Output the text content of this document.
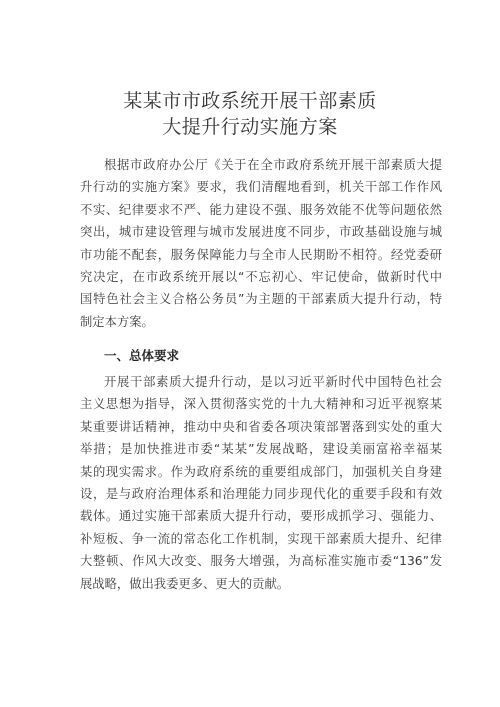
某某市市政系统开展干部素质
大提升行动实施方案
根据市政府办公厅《关于在全市政府系统开展干部素质大提
升行动的实施方案》要求，我们清醒地看到，机关干部工作作风
不实、纪律要求不严、能力建设不强、服务效能不优等问题依然
突出，城市建设管理与城市发展进度不同步，市政基础设施与城
市功能不配套，服务保障能力与全市人民期盼不相符。经党委研
究决定，在市政系统开展以“不忘初心、牢记使命，做新时代中
国特色社会主义合格公务员”为主题的干部素质大提升行动，特
制定本方案。
一、总体要求
开展干部素质大提升行动，是以习近平新时代中国特色社会
主义思想为指导，深入贯彻落实党的十九大精神和习近平视察某
某重要讲话精神，推动中央和省委各项决策部署落到实处的重大
举措；是加快推进市委“某某”发展战略，建设美丽富裕幸福某
某的现实需求。作为政府系统的重要组成部门，加强机关自身建
设，是与政府治理体系和治理能力同步现代化的重要手段和有效
载体。通过实施干部素质大提升行动，要形成抓学习、强能力、
补短板、争一流的常态化工作机制，实现干部素质大提升、纪律
大整顿、作风大改变、服务大增强，为高标准实施市委“136”发
展战略，做出我委更多、更大的贡献。
